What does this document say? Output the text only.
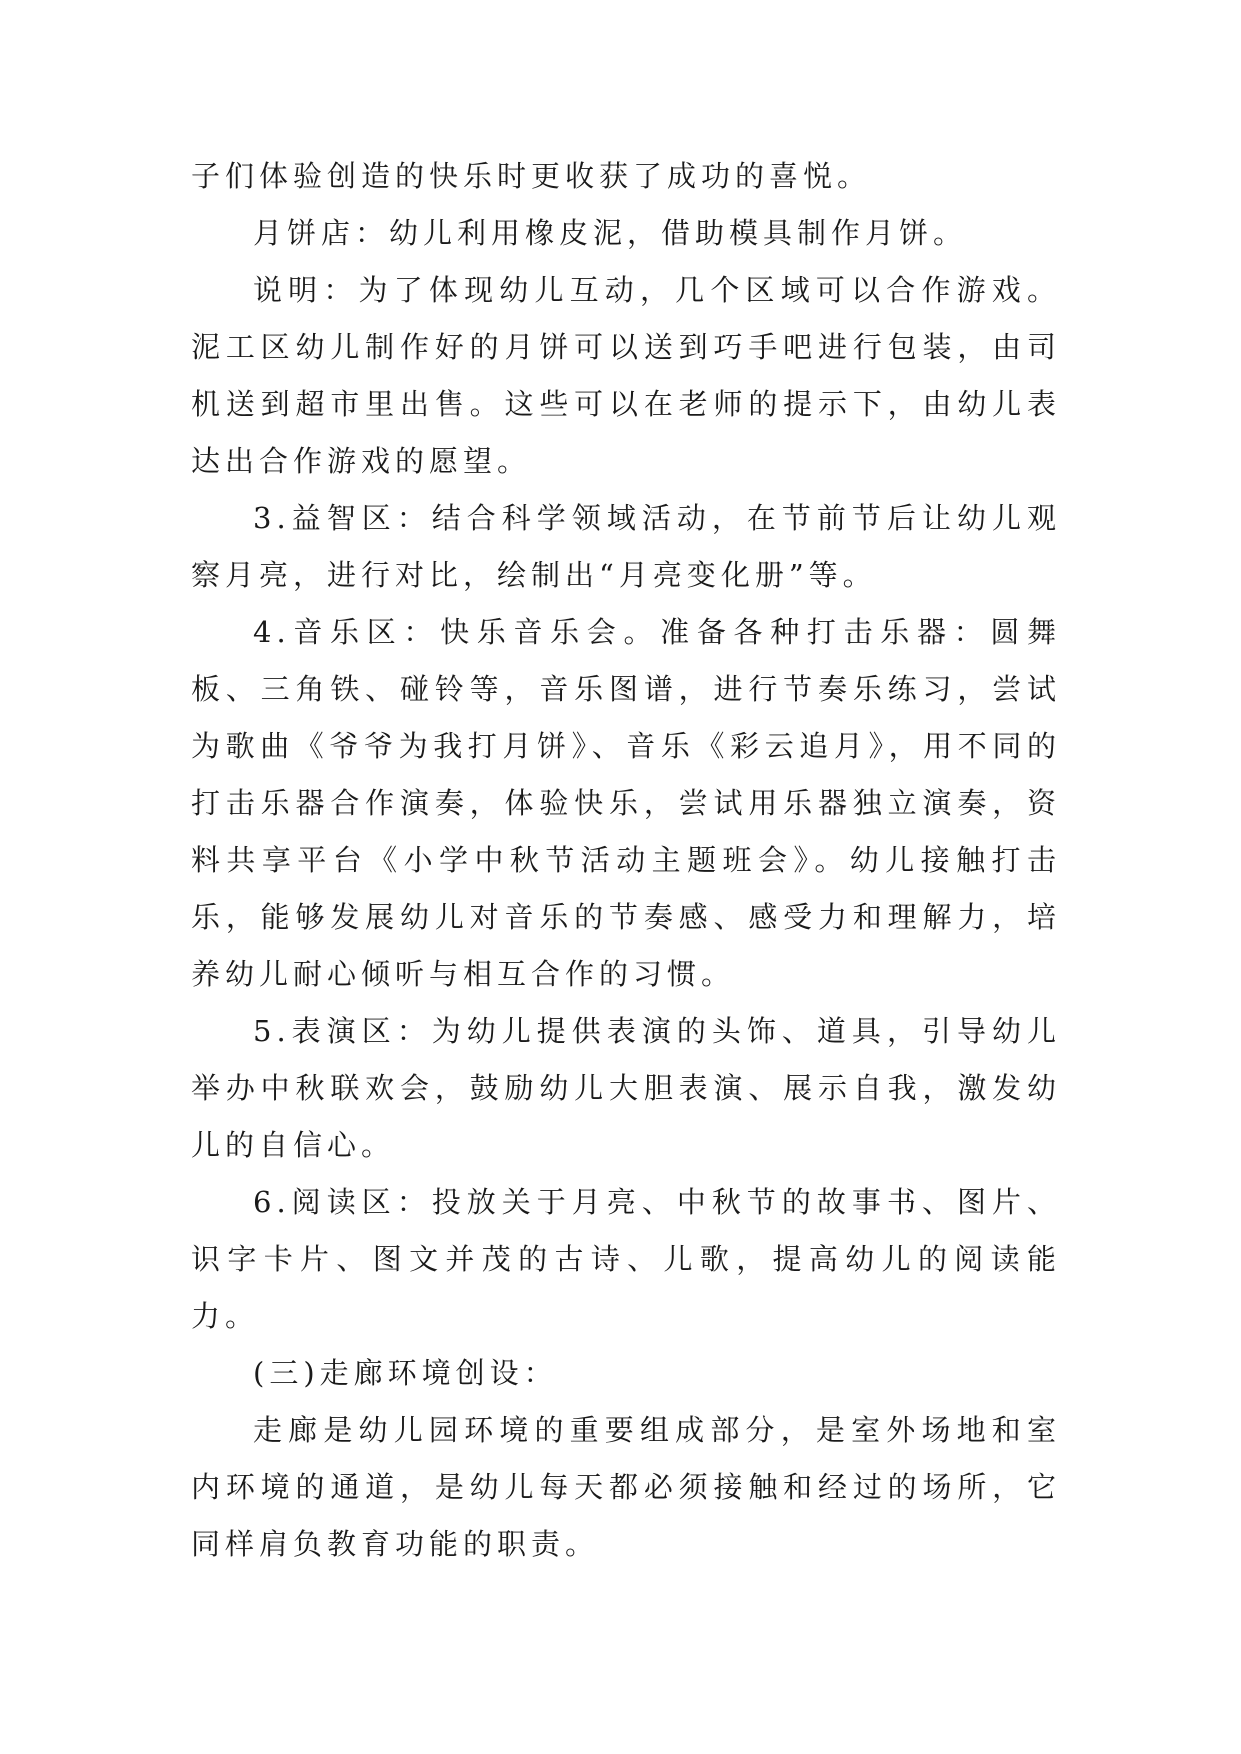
子们体验创造的快乐时更收获了成功的喜悦。

月饼店：幼儿利用橡皮泥，借助模具制作月饼。

说明：为了体现幼儿互动，几个区域可以合作游戏。泥工区幼儿制作好的月饼可以送到巧手吧进行包装，由司机送到超市里出售。这些可以在老师的提示下，由幼儿表达出合作游戏的愿望。

3.益智区：结合科学领域活动，在节前节后让幼儿观察月亮，进行对比，绘制出“月亮变化册”等。

4.音乐区：快乐音乐会。准备各种打击乐器：圆舞板、三角铁、碰铃等，音乐图谱，进行节奏乐练习，尝试为歌曲《爷爷为我打月饼》、音乐《彩云追月》，用不同的打击乐器合作演奏，体验快乐，尝试用乐器独立演奏，资料共享平台《小学中秋节活动主题班会》。幼儿接触打击乐，能够发展幼儿对音乐的节奏感、感受力和理解力，培养幼儿耐心倾听与相互合作的习惯。

5.表演区：为幼儿提供表演的头饰、道具，引导幼儿举办中秋联欢会，鼓励幼儿大胆表演、展示自我，激发幼儿的自信心。

6.阅读区：投放关于月亮、中秋节的故事书、图片、识字卡片、图文并茂的古诗、儿歌，提高幼儿的阅读能力。

(三)走廊环境创设：

走廊是幼儿园环境的重要组成部分，是室外场地和室内环境的通道，是幼儿每天都必须接触和经过的场所，它同样肩负教育功能的职责。
